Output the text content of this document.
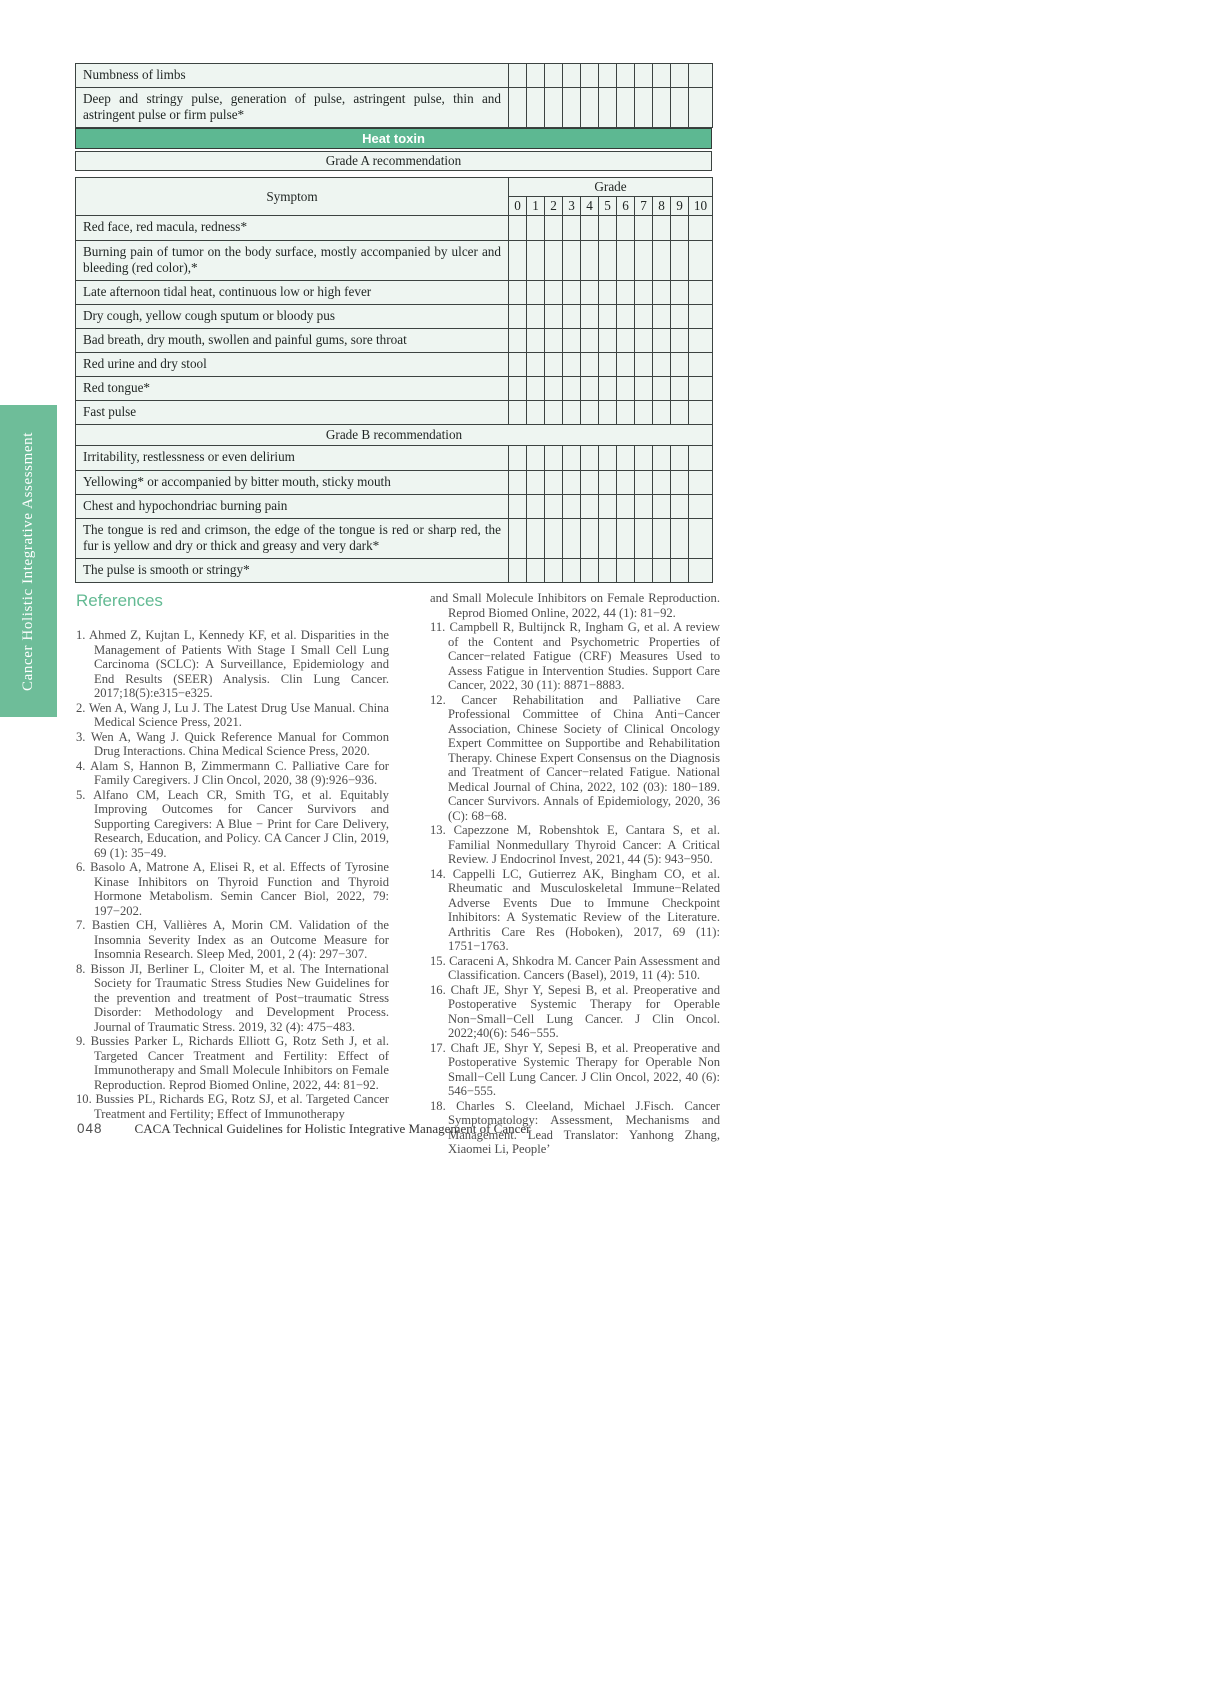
Cancer Holistic Integrative Assessment
Numbness of limbs											
Deep and stringy pulse, generation of pulse, astringent pulse, thin and astringent pulse or firm pulse*											
Heat toxin
Grade A recommendation
Symptom	Grade										
	0	1	2	3	4	5	6	7	8	9	10
Red face, red macula, redness*											
Burning pain of tumor on the body surface, mostly accompanied by ulcer and bleeding (red color),*											
Late afternoon tidal heat, continuous low or high fever											
Dry cough, yellow cough sputum or bloody pus											
Bad breath, dry mouth, swollen and painful gums, sore throat											
Red urine and dry stool											
Red tongue*											
Fast pulse											
Grade B recommendation											
Irritability, restlessness or even delirium											
Yellowing* or accompanied by bitter mouth, sticky mouth											
Chest and hypochondriac burning pain											
The tongue is red and crimson, the edge of the tongue is red or sharp red, the fur is yellow and dry or thick and greasy and very dark*											
The pulse is smooth or stringy*											
References
1. Ahmed Z, Kujtan L, Kennedy KF, et al. Disparities in the Management of Patients With Stage I Small Cell Lung Carcinoma (SCLC): A Surveillance, Epidemiology and End Results (SEER) Analysis. Clin Lung Cancer. 2017;18(5):e315−e325.
2. Wen A, Wang J, Lu J. The Latest Drug Use Manual. China Medical Science Press, 2021.
3. Wen A, Wang J. Quick Reference Manual for Common Drug Interactions. China Medical Science Press, 2020.
4. Alam S, Hannon B, Zimmermann C. Palliative Care for Family Caregivers. J Clin Oncol, 2020, 38 (9):926−936.
5. Alfano CM, Leach CR, Smith TG, et al. Equitably Improving Outcomes for Cancer Survivors and Supporting Caregivers: A Blue − Print for Care Delivery, Research, Education, and Policy. CA Cancer J Clin, 2019, 69 (1): 35−49.
6. Basolo A, Matrone A, Elisei R, et al. Effects of Tyrosine Kinase Inhibitors on Thyroid Function and Thyroid Hormone Metabolism. Semin Cancer Biol, 2022, 79: 197−202.
7. Bastien CH, Vallières A, Morin CM. Validation of the Insomnia Severity Index as an Outcome Measure for Insomnia Research. Sleep Med, 2001, 2 (4): 297−307.
8. Bisson JI, Berliner L, Cloiter M, et al. The International Society for Traumatic Stress Studies New Guidelines for the prevention and treatment of Post−traumatic Stress Disorder: Methodology and Development Process. Journal of Traumatic Stress. 2019, 32 (4): 475−483.
9. Bussies Parker L, Richards Elliott G, Rotz Seth J, et al. Targeted Cancer Treatment and Fertility: Effect of Immunotherapy and Small Molecule Inhibitors on Female Reproduction. Reprod Biomed Online, 2022, 44: 81−92.
10. Bussies PL, Richards EG, Rotz SJ, et al. Targeted Cancer Treatment and Fertility; Effect of Immunotherapy
and Small Molecule Inhibitors on Female Reproduction. Reprod Biomed Online, 2022, 44 (1): 81−92.
11. Campbell R, Bultijnck R, Ingham G, et al. A review of the Content and Psychometric Properties of Cancer−related Fatigue (CRF) Measures Used to Assess Fatigue in Intervention Studies. Support Care Cancer, 2022, 30 (11): 8871−8883.
12. Cancer Rehabilitation and Palliative Care Professional Committee of China Anti−Cancer Association, Chinese Society of Clinical Oncology Expert Committee on Supportibe and Rehabilitation Therapy. Chinese Expert Consensus on the Diagnosis and Treatment of Cancer−related Fatigue. National Medical Journal of China, 2022, 102 (03): 180−189. Cancer Survivors. Annals of Epidemiology, 2020, 36 (C): 68−68.
13. Capezzone M, Robenshtok E, Cantara S, et al. Familial Nonmedullary Thyroid Cancer: A Critical Review. J Endocrinol Invest, 2021, 44 (5): 943−950.
14. Cappelli LC, Gutierrez AK, Bingham CO, et al. Rheumatic and Musculoskeletal Immune−Related Adverse Events Due to Immune Checkpoint Inhibitors: A Systematic Review of the Literature. Arthritis Care Res (Hoboken), 2017, 69 (11): 1751−1763.
15. Caraceni A, Shkodra M. Cancer Pain Assessment and Classification. Cancers (Basel), 2019, 11 (4): 510.
16. Chaft JE, Shyr Y, Sepesi B, et al. Preoperative and Postoperative Systemic Therapy for Operable Non−Small−Cell Lung Cancer. J Clin Oncol. 2022;40(6): 546−555.
17. Chaft JE, Shyr Y, Sepesi B, et al. Preoperative and Postoperative Systemic Therapy for Operable Non Small−Cell Lung Cancer. J Clin Oncol, 2022, 40 (6): 546−555.
18. Charles S. Cleeland, Michael J.Fisch. Cancer Symptomatology: Assessment, Mechanisms and Management. Lead Translator: Yanhong Zhang, Xiaomei Li, People’
048 CACA Technical Guidelines for Holistic Integrative Management of Cancer
